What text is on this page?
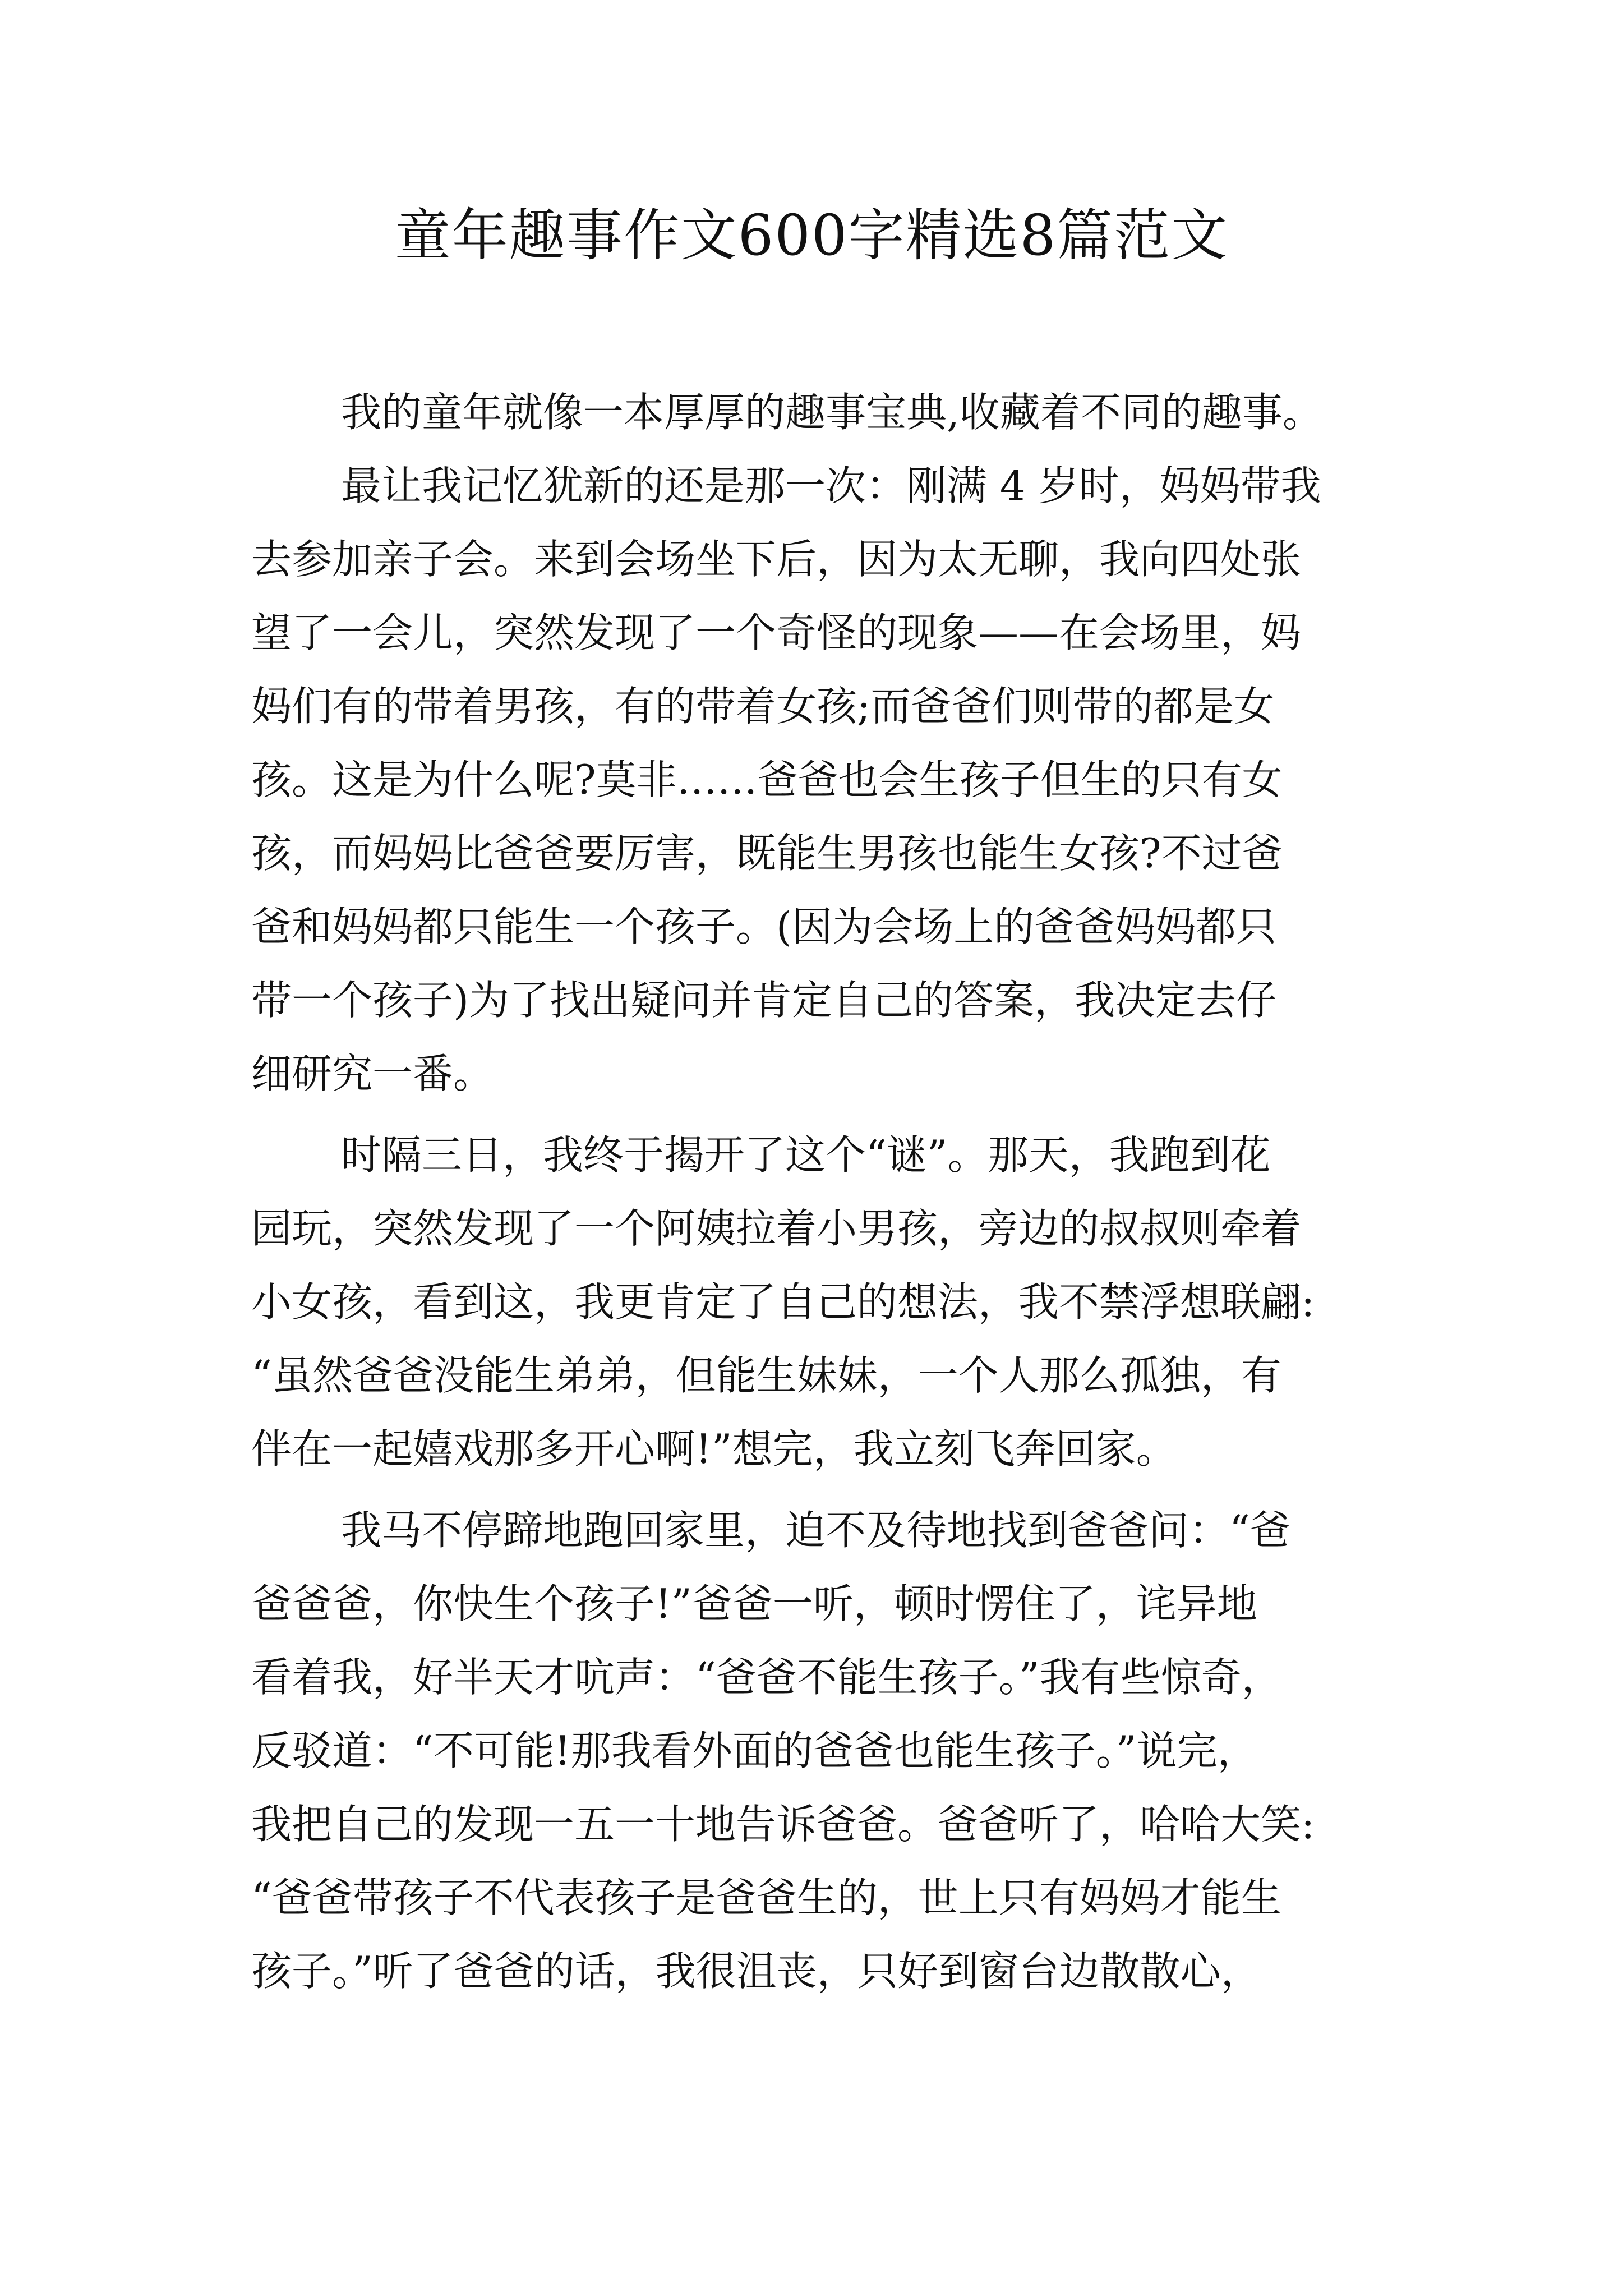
童年趣事作文600字精选8篇范文
我的童年就像一本厚厚的趣事宝典,收藏着不同的趣事。
最让我记忆犹新的还是那一次：刚满 4 岁时，妈妈带我
去参加亲子会。来到会场坐下后，因为太无聊，我向四处张
望了一会儿，突然发现了一个奇怪的现象——在会场里，妈
妈们有的带着男孩，有的带着女孩;而爸爸们则带的都是女
孩。这是为什么呢?莫非……爸爸也会生孩子但生的只有女
孩，而妈妈比爸爸要厉害，既能生男孩也能生女孩?不过爸
爸和妈妈都只能生一个孩子。(因为会场上的爸爸妈妈都只
带一个孩子)为了找出疑问并肯定自己的答案，我决定去仔
细研究一番。
时隔三日，我终于揭开了这个“谜”。那天，我跑到花
园玩，突然发现了一个阿姨拉着小男孩，旁边的叔叔则牵着
小女孩，看到这，我更肯定了自己的想法，我不禁浮想联翩:
“虽然爸爸没能生弟弟，但能生妹妹，一个人那么孤独，有
伴在一起嬉戏那多开心啊!”想完，我立刻飞奔回家。
我马不停蹄地跑回家里，迫不及待地找到爸爸问：“爸
爸爸爸，你快生个孩子!”爸爸一听，顿时愣住了，诧异地
看着我，好半天才吭声：“爸爸不能生孩子。”我有些惊奇，
反驳道：“不可能!那我看外面的爸爸也能生孩子。”说完，
我把自己的发现一五一十地告诉爸爸。爸爸听了，哈哈大笑:
“爸爸带孩子不代表孩子是爸爸生的，世上只有妈妈才能生
孩子。”听了爸爸的话，我很沮丧，只好到窗台边散散心，
